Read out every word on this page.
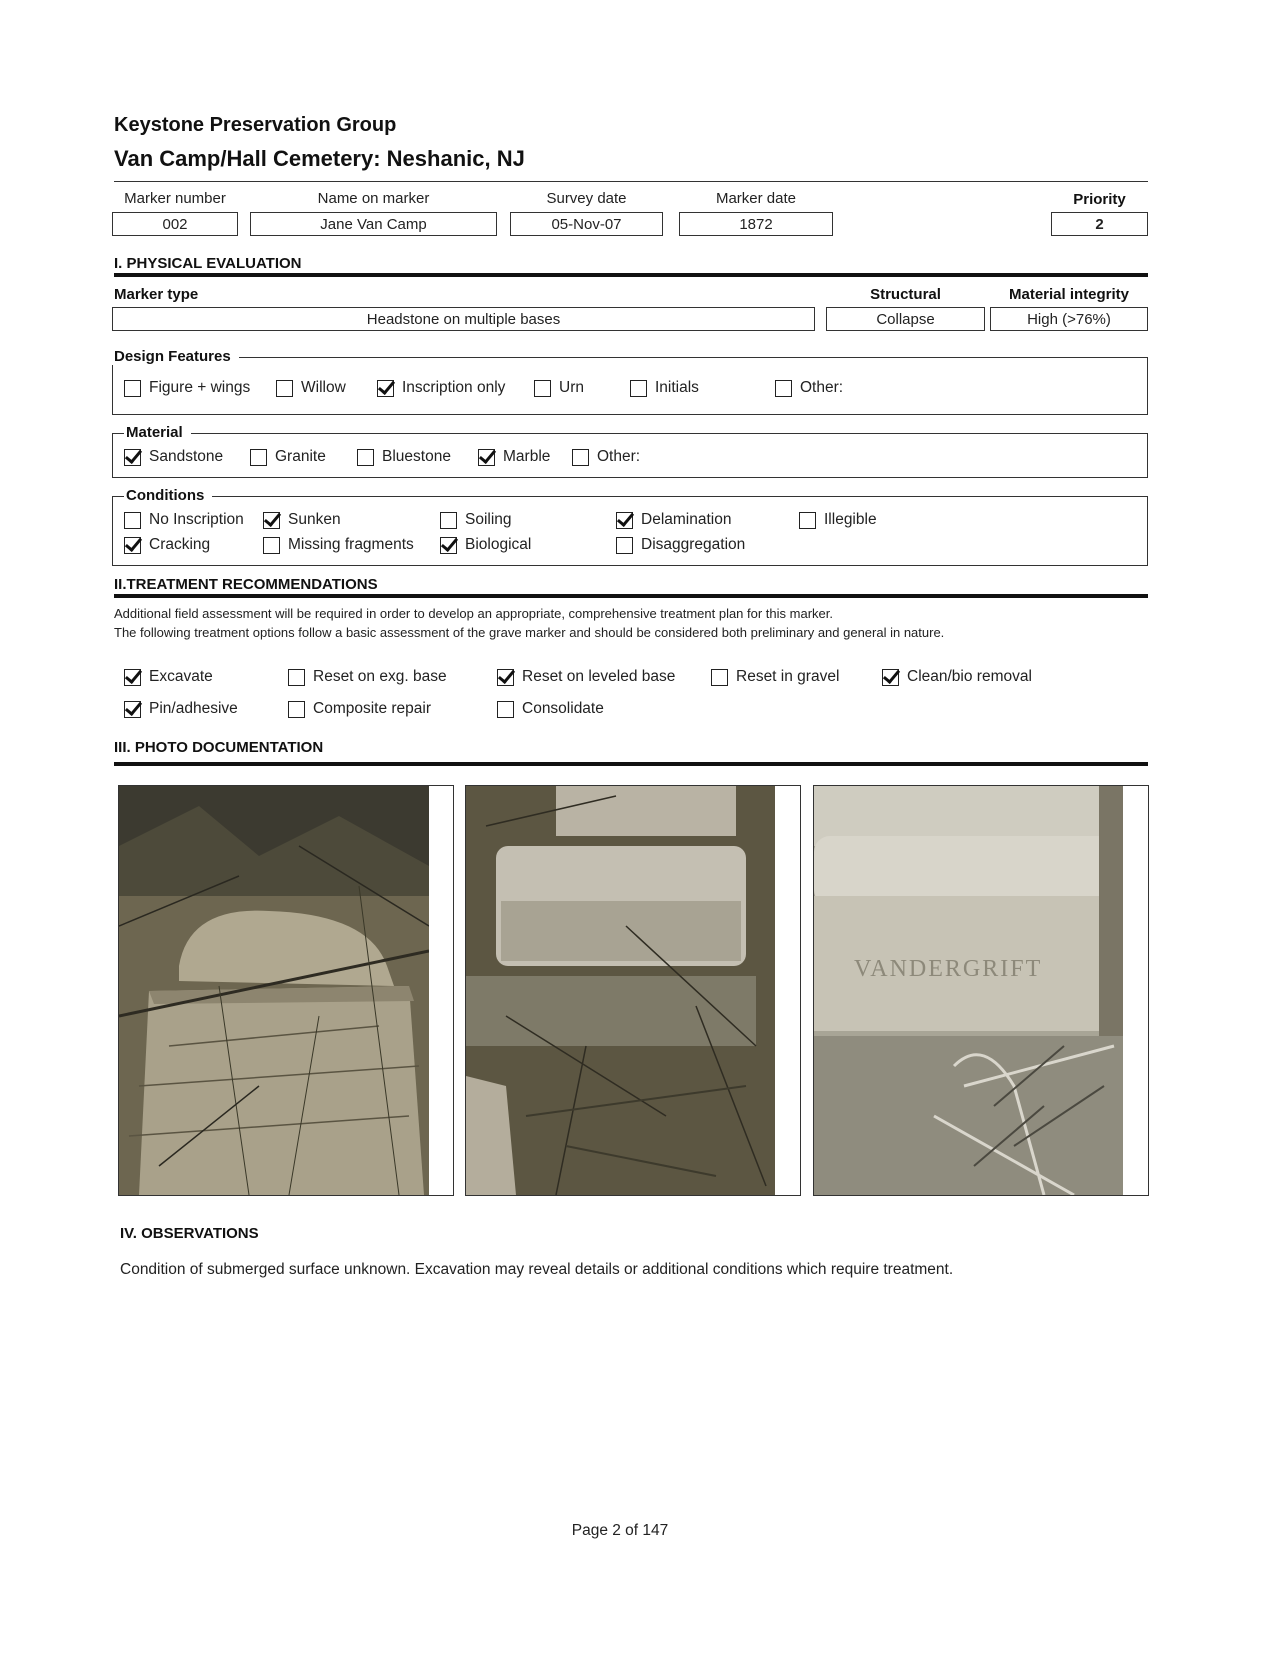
Keystone Preservation Group
Van Camp/Hall Cemetery: Neshanic, NJ
Marker number
002
Name on marker
Jane Van Camp
Survey date
05-Nov-07
Marker date
1872
Priority
2
I. PHYSICAL EVALUATION
Marker type
Headstone on multiple bases
Structural
Collapse
Material integrity
High (>76%)
Design Features
Figure + wings	Willow	Inscription only	Urn	Initials	Other:
Material
Sandstone	Granite	Bluestone	Marble	Other:
Conditions
No Inscription	Sunken	Soiling	Delamination	Illegible
Cracking	Missing fragments	Biological	Disaggregation
II.TREATMENT RECOMMENDATIONS
Additional field assessment will be required in order to develop an appropriate, comprehensive treatment plan for this marker.
The following treatment options follow a basic assessment of the grave marker and should be considered both preliminary and general in nature.
Excavate	Reset on exg. base	Reset on leveled base	Reset in gravel	Clean/bio removal
Pin/adhesive	Composite repair	Consolidate
III. PHOTO DOCUMENTATION
VANDERGRIFT
IV. OBSERVATIONS
Condition of submerged surface unknown. Excavation may reveal details or additional conditions which require treatment.
Page 2 of 147
